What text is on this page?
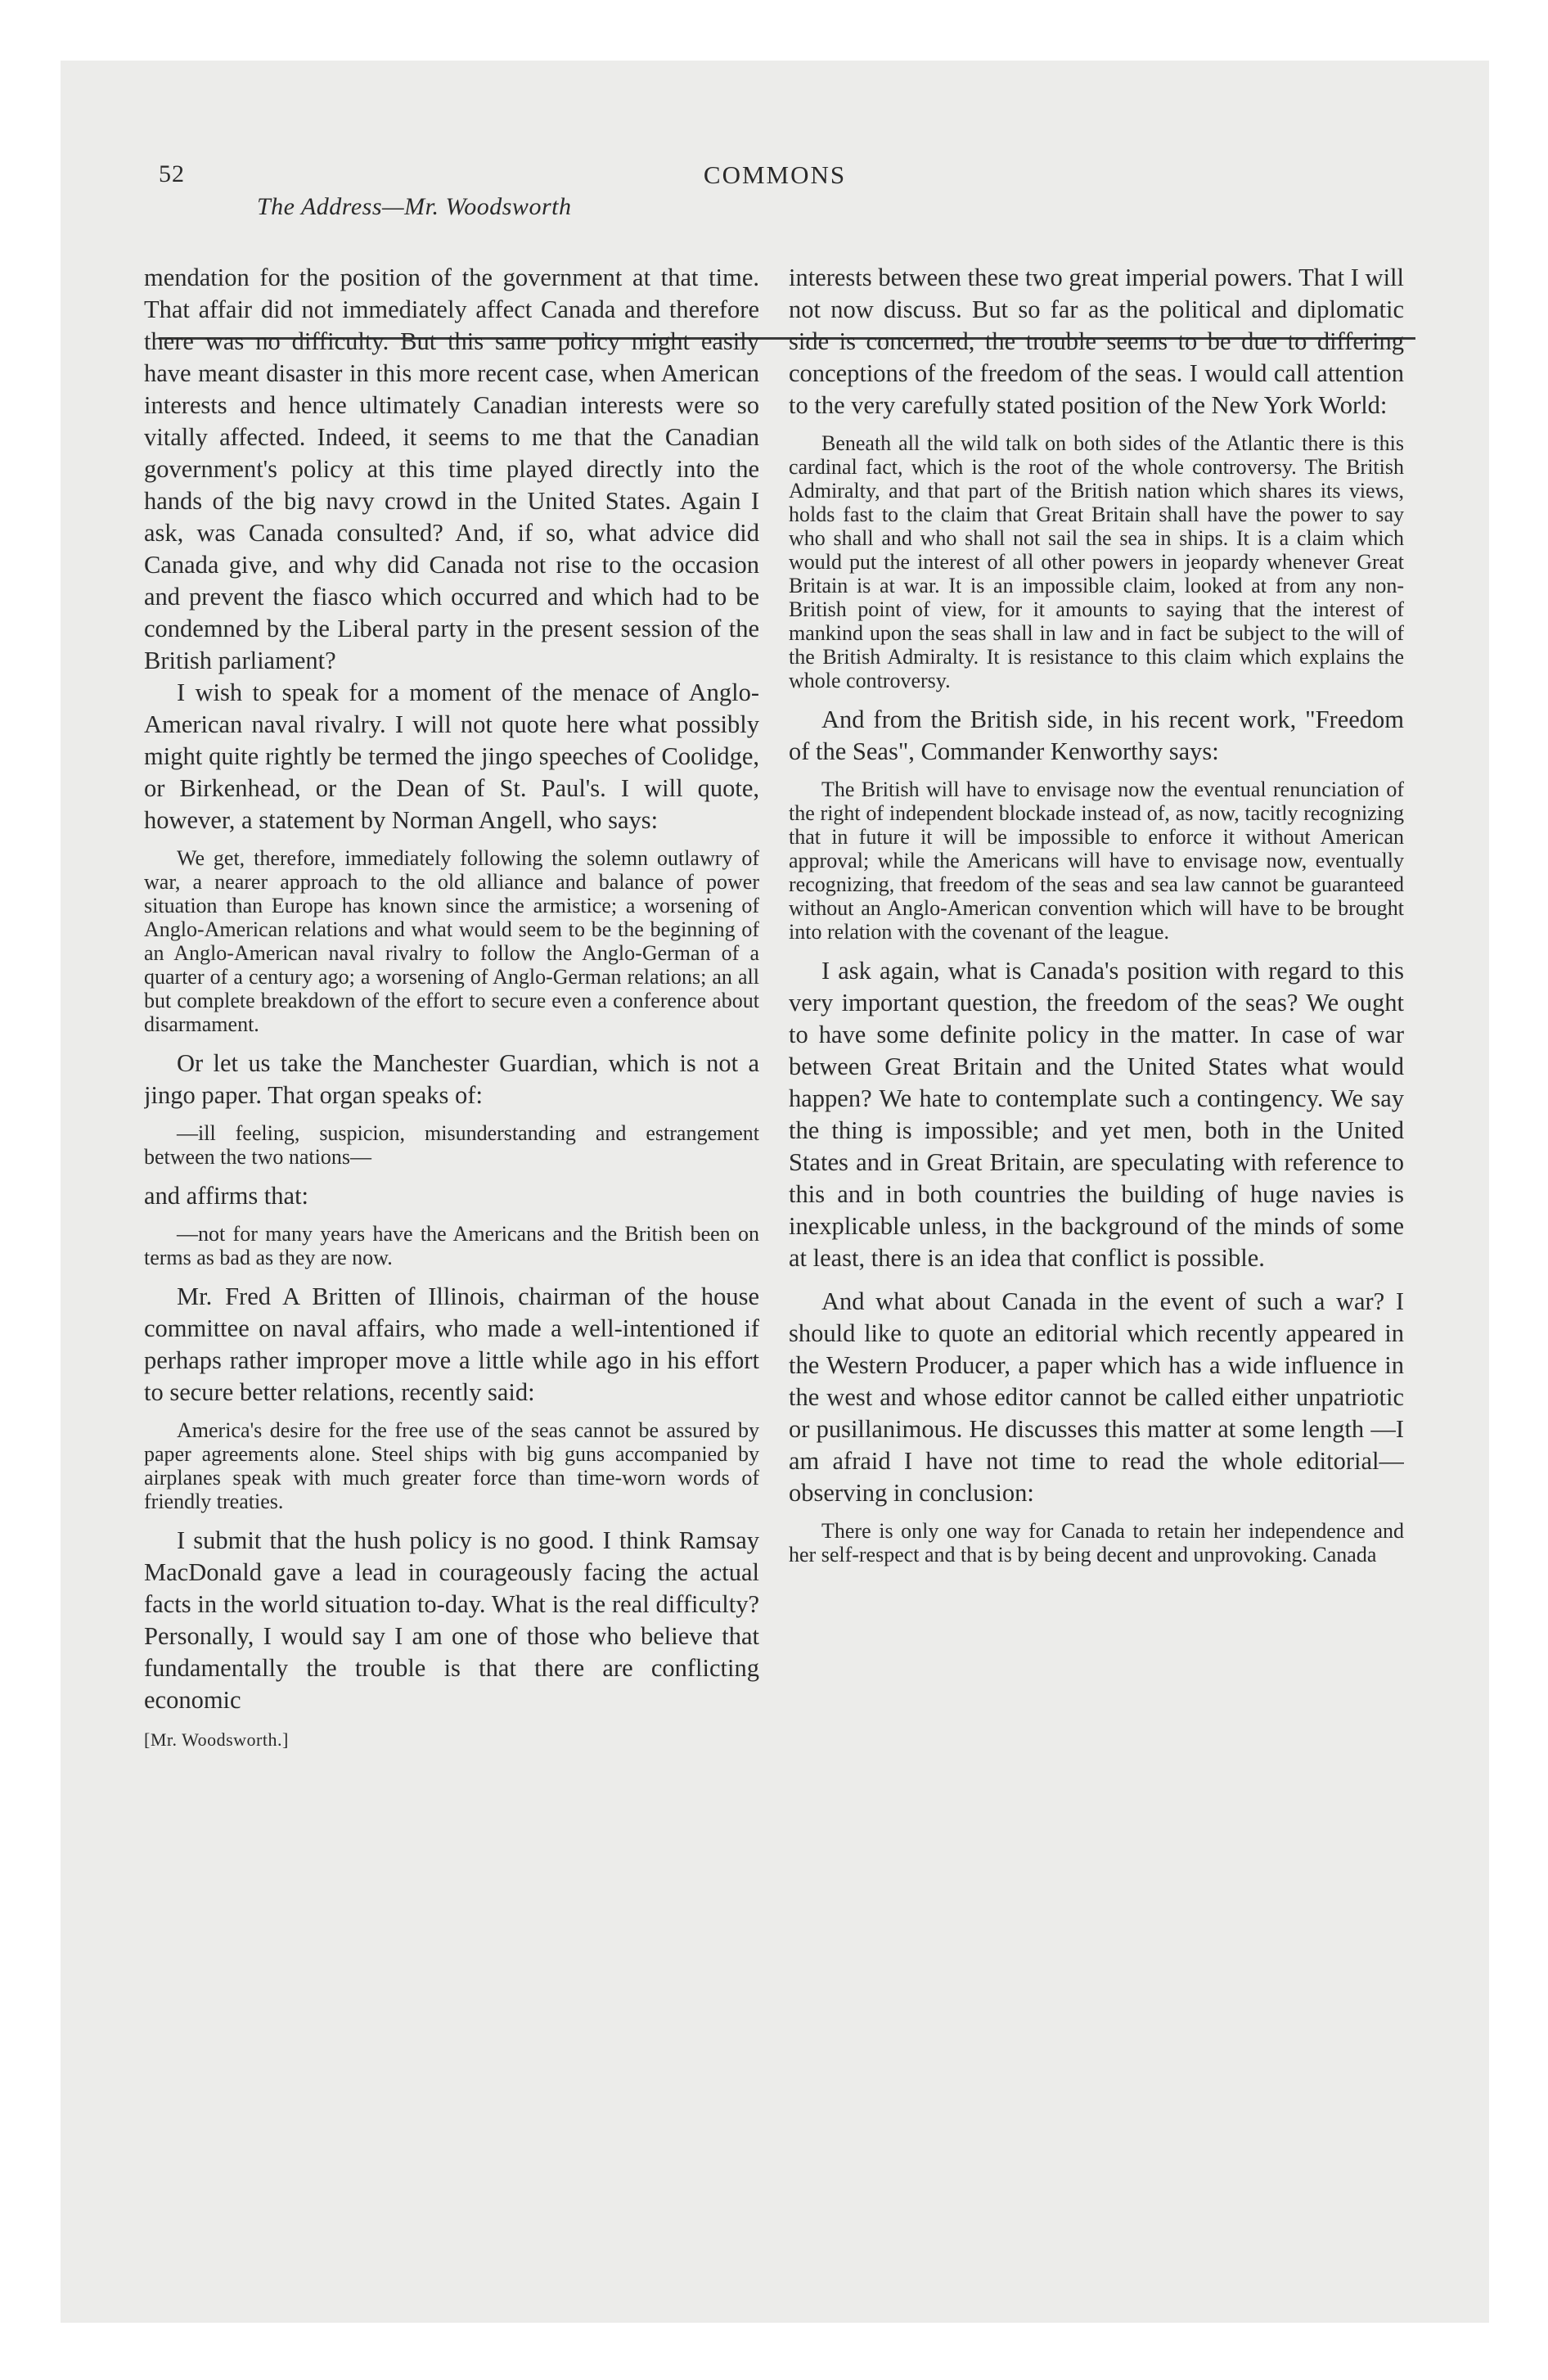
52	COMMONS
The Address—Mr. Woodsworth

mendation for the position of the government at that time. That affair did not immediately affect Canada and therefore there was no difficulty. But this same policy might easily have meant disaster in this more recent case, when American interests and hence ultimately Canadian interests were so vitally affected. Indeed, it seems to me that the Canadian government's policy at this time played directly into the hands of the big navy crowd in the United States. Again I ask, was Canada consulted? And, if so, what advice did Canada give, and why did Canada not rise to the occasion and prevent the fiasco which occurred and which had to be condemned by the Liberal party in the present session of the British parliament?

I wish to speak for a moment of the menace of Anglo-American naval rivalry. I will not quote here what possibly might quite rightly be termed the jingo speeches of Coolidge, or Birkenhead, or the Dean of St. Paul's. I will quote, however, a statement by Norman Angell, who says:

We get, therefore, immediately following the solemn outlawry of war, a nearer approach to the old alliance and balance of power situation than Europe has known since the armistice; a worsening of Anglo-American relations and what would seem to be the beginning of an Anglo-American naval rivalry to follow the Anglo-German of a quarter of a century ago; a worsening of Anglo-German relations; an all but complete breakdown of the effort to secure even a conference about disarmament.

Or let us take the Manchester Guardian, which is not a jingo paper. That organ speaks of:

—ill feeling, suspicion, misunderstanding and estrangement between the two nations—

and affirms that:

—not for many years have the Americans and the British been on terms as bad as they are now.

Mr. Fred A Britten of Illinois, chairman of the house committee on naval affairs, who made a well-intentioned if perhaps rather improper move a little while ago in his effort to secure better relations, recently said:

America's desire for the free use of the seas cannot be assured by paper agreements alone. Steel ships with big guns accompanied by airplanes speak with much greater force than time-worn words of friendly treaties.

I submit that the hush policy is no good. I think Ramsay MacDonald gave a lead in courageously facing the actual facts in the world situation to-day. What is the real difficulty? Personally, I would say I am one of those who believe that fundamentally the trouble is that there are conflicting economic

[Mr. Woodsworth.]

interests between these two great imperial powers. That I will not now discuss. But so far as the political and diplomatic side is concerned, the trouble seems to be due to differing conceptions of the freedom of the seas. I would call attention to the very carefully stated position of the New York World:

Beneath all the wild talk on both sides of the Atlantic there is this cardinal fact, which is the root of the whole controversy. The British Admiralty, and that part of the British nation which shares its views, holds fast to the claim that Great Britain shall have the power to say who shall and who shall not sail the sea in ships. It is a claim which would put the interest of all other powers in jeopardy whenever Great Britain is at war. It is an impossible claim, looked at from any non-British point of view, for it amounts to saying that the interest of mankind upon the seas shall in law and in fact be subject to the will of the British Admiralty. It is resistance to this claim which explains the whole controversy.

And from the British side, in his recent work, "Freedom of the Seas", Commander Kenworthy says:

The British will have to envisage now the eventual renunciation of the right of independent blockade instead of, as now, tacitly recognizing that in future it will be impossible to enforce it without American approval; while the Americans will have to envisage now, eventually recognizing, that freedom of the seas and sea law cannot be guaranteed without an Anglo-American convention which will have to be brought into relation with the covenant of the league.

I ask again, what is Canada's position with regard to this very important question, the freedom of the seas? We ought to have some definite policy in the matter. In case of war between Great Britain and the United States what would happen? We hate to contemplate such a contingency. We say the thing is impossible; and yet men, both in the United States and in Great Britain, are speculating with reference to this and in both countries the building of huge navies is inexplicable unless, in the background of the minds of some at least, there is an idea that conflict is possible.

And what about Canada in the event of such a war? I should like to quote an editorial which recently appeared in the Western Producer, a paper which has a wide influence in the west and whose editor cannot be called either unpatriotic or pusillanimous. He discusses this matter at some length —I am afraid I have not time to read the whole editorial—observing in conclusion:

There is only one way for Canada to retain her independence and her self-respect and that is by being decent and unprovoking. Canada
